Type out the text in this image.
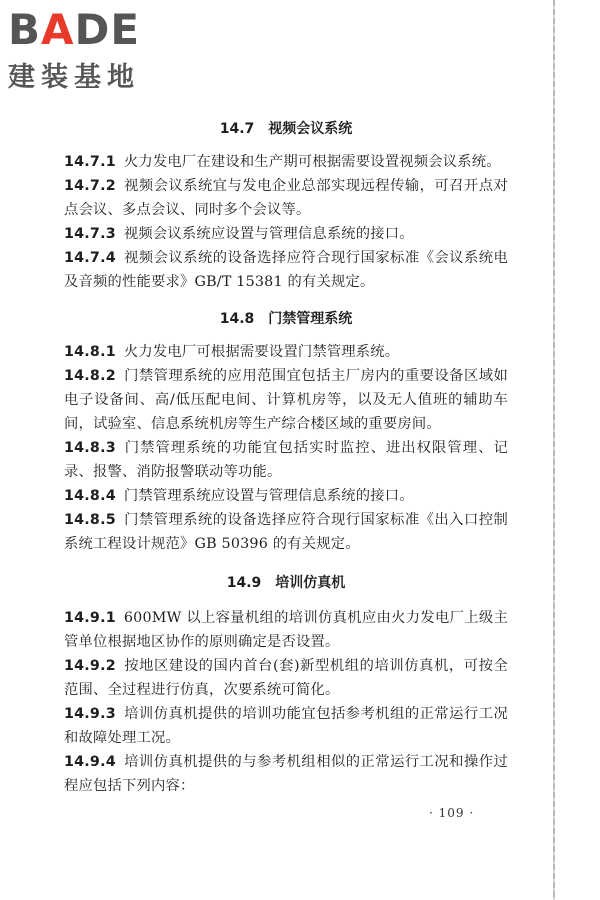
BADE
建装基地
14.7 视频会议系统

14.7.1 火力发电厂在建设和生产期可根据需要设置视频会议系统。

14.7.2 视频会议系统宜与发电企业总部实现远程传输，可召开点对点会议、多点会议、同时多个会议等。

14.7.3 视频会议系统应设置与管理信息系统的接口。

14.7.4 视频会议系统的设备选择应符合现行国家标准《会议系统电及音频的性能要求》GB/T 15381 的有关规定。

14.8 门禁管理系统

14.8.1 火力发电厂可根据需要设置门禁管理系统。

14.8.2 门禁管理系统的应用范围宜包括主厂房内的重要设备区域如电子设备间、高/低压配电间、计算机房等，以及无人值班的辅助车间，试验室、信息系统机房等生产综合楼区域的重要房间。

14.8.3 门禁管理系统的功能宜包括实时监控、进出权限管理、记录、报警、消防报警联动等功能。

14.8.4 门禁管理系统应设置与管理信息系统的接口。

14.8.5 门禁管理系统的设备选择应符合现行国家标准《出入口控制系统工程设计规范》GB 50396 的有关规定。

14.9 培训仿真机

14.9.1 600MW 以上容量机组的培训仿真机应由火力发电厂上级主管单位根据地区协作的原则确定是否设置。

14.9.2 按地区建设的国内首台(套)新型机组的培训仿真机，可按全范围、全过程进行仿真，次要系统可简化。

14.9.3 培训仿真机提供的培训功能宜包括参考机组的正常运行工况和故障处理工况。

14.9.4 培训仿真机提供的与参考机组相似的正常运行工况和操作过程应包括下列内容：

· 109 ·
